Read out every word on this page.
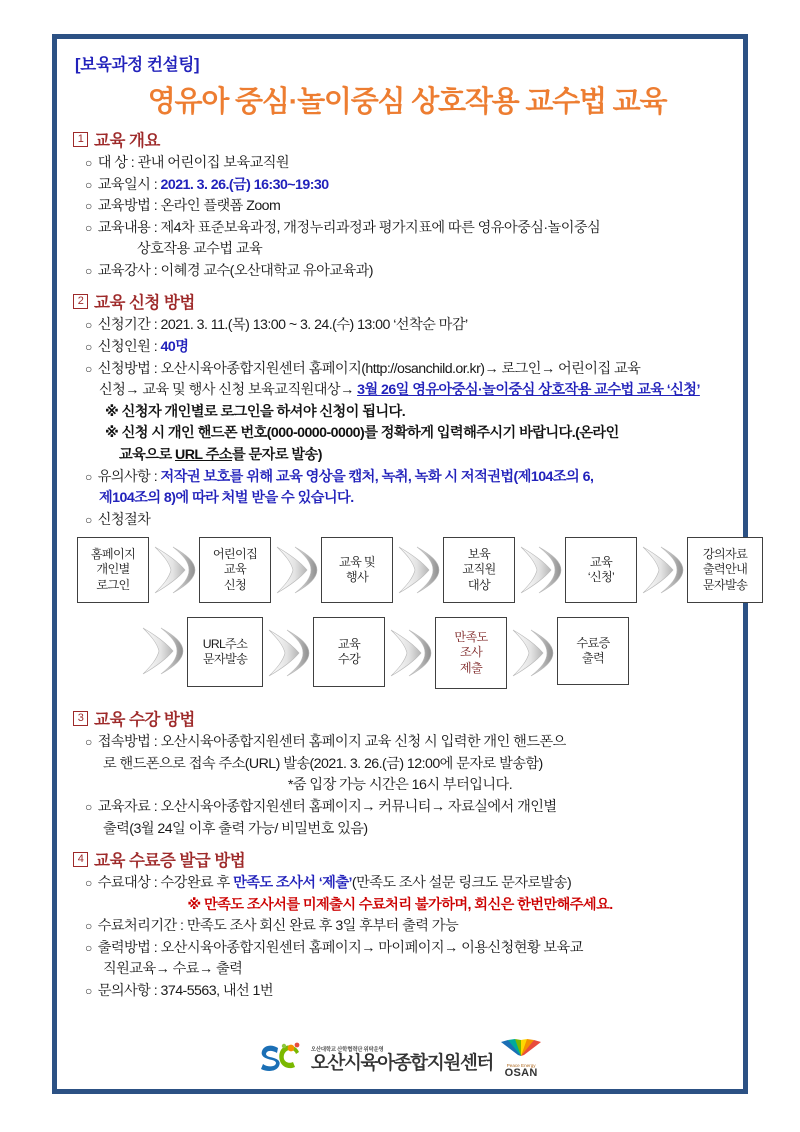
[보육과정 컨설팅]
영유아 중심·놀이중심 상호작용 교수법 교육
1 교육 개요
○ 대 상 : 관내 어린이집 보육교직원
○ 교육일시 : 2021. 3. 26.(금) 16:30~19:30
○ 교육방법 : 온라인 플랫폼 Zoom
○ 교육내용 : 제4차 표준보육과정, 개정누리과정과 평가지표에 따른 영유아중심·놀이중심
상호작용 교수법 교육
○ 교육강사 : 이혜경 교수(오산대학교 유아교육과)
2 교육 신청 방법
○ 신청기간 : 2021. 3. 11.(목) 13:00 ~ 3. 24.(수) 13:00 ‘선착순 마감’
○ 신청인원 : 40명
○ 신청방법 : 오산시육아종합지원센터 홈페이지(http://osanchild.or.kr)→ 로그인→ 어린이집 교육
신청→ 교육 및 행사 신청 보육교직원대상→ 3월 26일 영유아중심·놀이중심 상호작용 교수법 교육 ‘신청’
※ 신청자 개인별로 로그인을 하셔야 신청이 됩니다.
※ 신청 시 개인 핸드폰 번호(000-0000-0000)를 정확하게 입력해주시기 바랍니다.(온라인
교육으로 URL 주소를 문자로 발송)
○ 유의사항 : 저작권 보호를 위해 교육 영상을 캡처, 녹취, 녹화 시 저적권법(제104조의 6,
제104조의 8)에 따라 처벌 받을 수 있습니다.
○ 신청절차
홈페이지
개인별
로그인
어린이집
교육
신청
교육 및
행사
보육
교직원
대상
교육
‘신청’
강의자료
출력안내
문자발송
URL주소
문자발송
교육
수강
만족도
조사
제출
수료증
출력
3 교육 수강 방법
○ 접속방법 : 오산시육아종합지원센터 홈페이지 교육 신청 시 입력한 개인 핸드폰으
로 핸드폰으로 접속 주소(URL) 발송(2021. 3. 26.(금) 12:00에 문자로 발송함)
*줌 입장 가능 시간은 16시 부터입니다.
○ 교육자료 : 오산시육아종합지원센터 홈페이지→ 커뮤니티→ 자료실에서 개인별
출력(3월 24일 이후 출력 가능/ 비밀번호 있음)
4 교육 수료증 발급 방법
○ 수료대상 : 수강완료 후 만족도 조사서 ‘제출’(만족도 조사 설문 링크도 문자로발송)
※ 만족도 조사서를 미제출시 수료처리 불가하며, 회신은 한번만해주세요.
○ 수료처리기간 : 만족도 조사 회신 완료 후 3일 후부터 출력 가능
○ 출력방법 : 오산시육아종합지원센터 홈페이지→ 마이페이지→ 이용신청현황 보육교
직원교육→ 수료→ 출력
○ 문의사항 : 374-5563, 내선 1번
오산대학교 산학협력단 위탁운영
오산시육아종합지원센터	Peace Energy
OSAN
